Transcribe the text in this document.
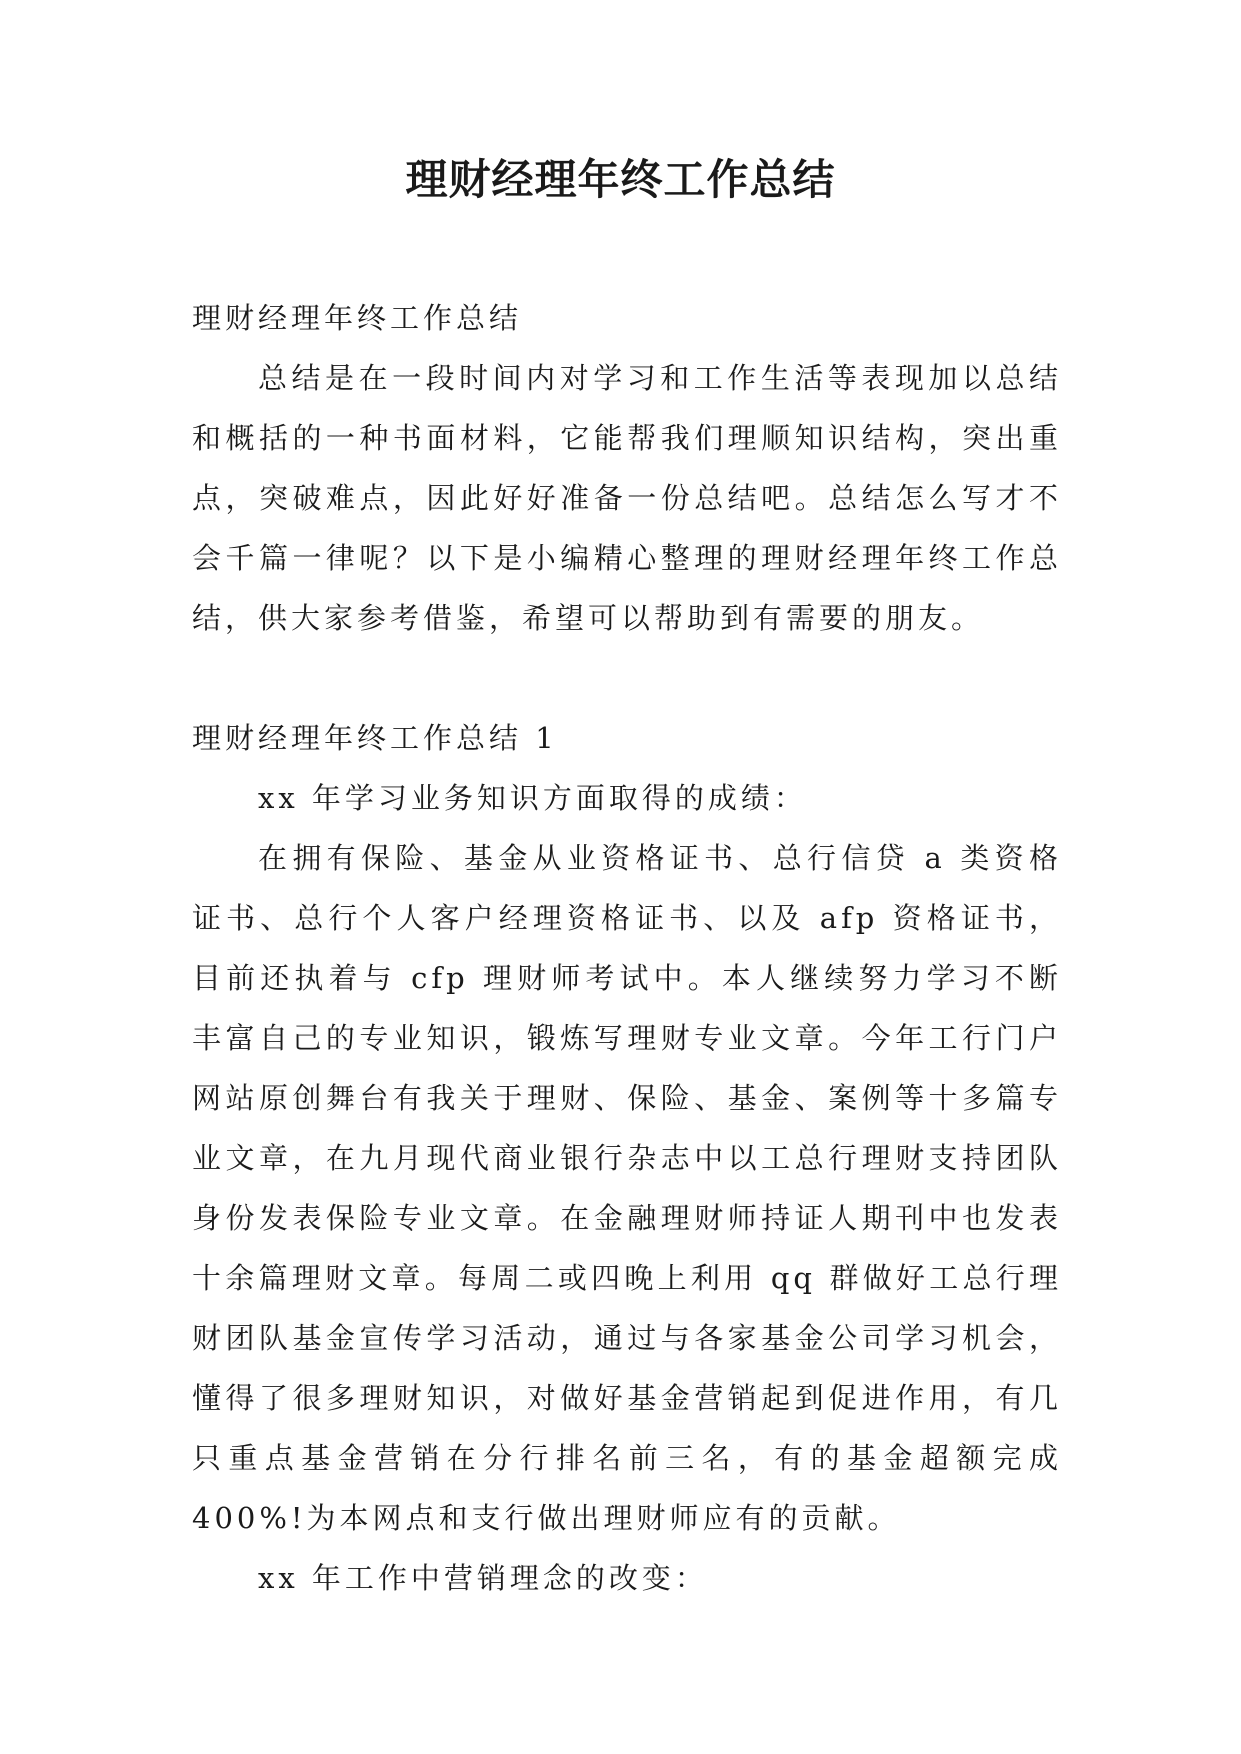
理财经理年终工作总结

理财经理年终工作总结

总结是在一段时间内对学习和工作生活等表现加以总结和概括的一种书面材料，它能帮我们理顺知识结构，突出重点，突破难点，因此好好准备一份总结吧。总结怎么写才不会千篇一律呢？以下是小编精心整理的理财经理年终工作总结，供大家参考借鉴，希望可以帮助到有需要的朋友。

理财经理年终工作总结 1

xx 年学习业务知识方面取得的成绩：

在拥有保险、基金从业资格证书、总行信贷 a 类资格证书、总行个人客户经理资格证书、以及 afp 资格证书，目前还执着与 cfp 理财师考试中。本人继续努力学习不断丰富自己的专业知识，锻炼写理财专业文章。今年工行门户网站原创舞台有我关于理财、保险、基金、案例等十多篇专业文章，在九月现代商业银行杂志中以工总行理财支持团队身份发表保险专业文章。在金融理财师持证人期刊中也发表十余篇理财文章。每周二或四晚上利用 qq 群做好工总行理财团队基金宣传学习活动，通过与各家基金公司学习机会，懂得了很多理财知识，对做好基金营销起到促进作用，有几只重点基金营销在分行排名前三名，有的基金超额完成 400%!为本网点和支行做出理财师应有的贡献。

xx 年工作中营销理念的改变：
